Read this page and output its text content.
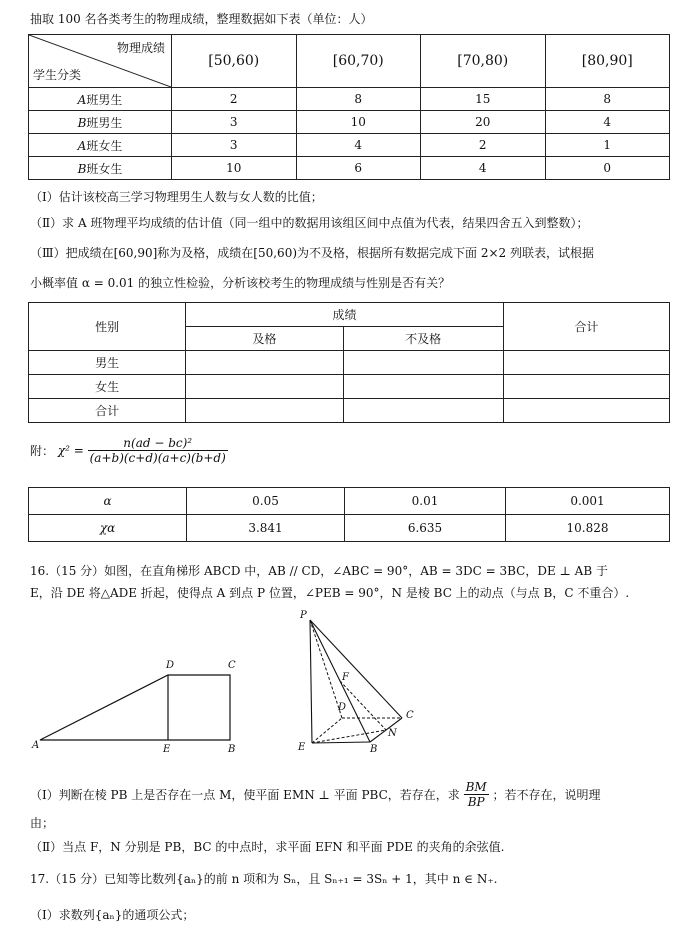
抽取 100 名各类考生的物理成绩，整理数据如下表（单位：人）
物理成绩
学生分类	[50,60)	[60,70)	[70,80)	[80,90]
A班男生	2	8	15	8
B班男生	3	10	20	4
A班女生	3	4	2	1
B班女生	10	6	4	0
（Ⅰ）估计该校高三学习物理男生人数与女人数的比值；
（Ⅱ）求 A 班物理平均成绩的估计值（同一组中的数据用该组区间中点值为代表，结果四舍五入到整数）；
（Ⅲ）把成绩在[60,90]称为及格，成绩在[50,60)为不及格，根据所有数据完成下面 2×2 列联表，试根据
小概率值 α = 0.01 的独立性检验，分析该校考生的物理成绩与性别是否有关？
性别	成绩		合计
	及格	不及格	
男生			
女生			
合计			
附： $\chi^2 = \frac{\text{n(ad − bc)²}}{(a+b)(c+d)(a+c)(b+d)}$
α	0.05	0.01	0.001
χα	3.841	6.635	10.828
16.（15 分）如图，在直角梯形 ABCD 中，AB // CD，∠ABC = 90°，AB = 3DC = 3BC，DE ⊥ AB 于
E，沿 DE 将△ADE 折起，使得点 A 到点 P 位置，∠PEB = 90°，N 是棱 BC 上的动点（与点 B，C 不重合）.
A	B
C
D
E
P
F
D
C
N
E	B
（Ⅰ）判断在棱 PB 上是否存在一点 M，使平面 EMN ⊥ 平面 PBC，若存在，求 $\frac{BM}{BP}$ ；若不存在，说明理
由；
（Ⅱ）当点 F，N 分别是 PB，BC 的中点时，求平面 EFN 和平面 PDE 的夹角的余弦值.
17.（15 分）已知等比数列{aₙ}的前 n 项和为 Sₙ，且 Sₙ₊₁ = 3Sₙ + 1，其中 n ∈ N₊.
（Ⅰ）求数列{aₙ}的通项公式；
